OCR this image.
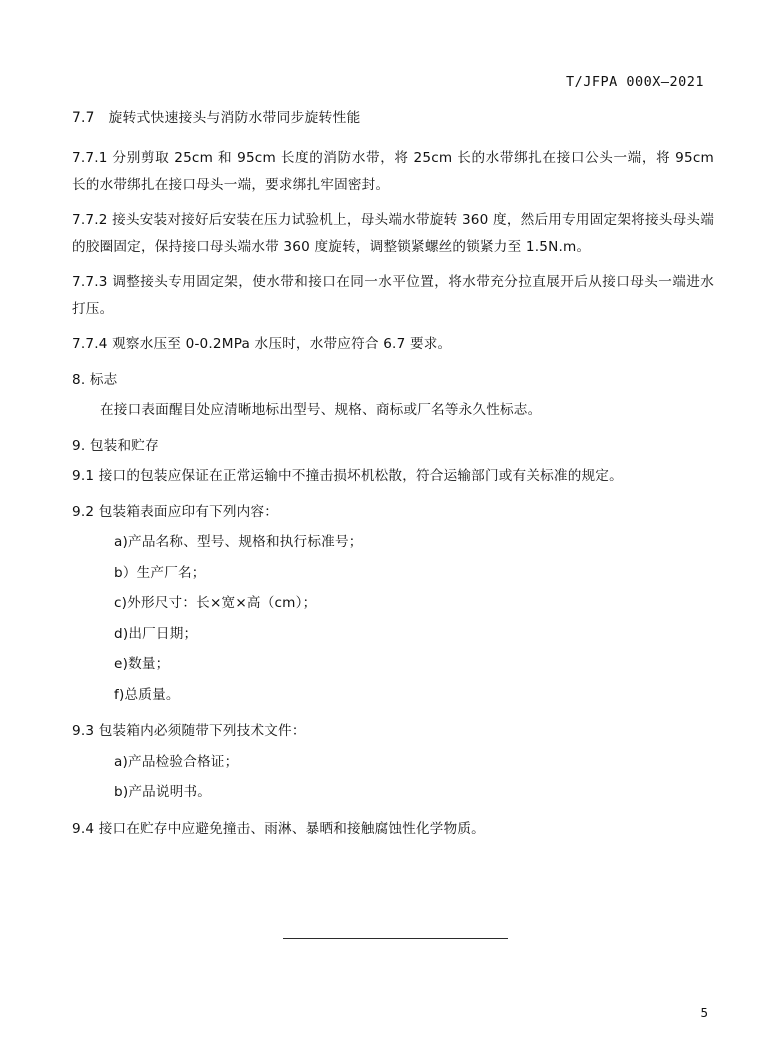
T/JFPA 000X—2021

7.7 旋转式快速接头与消防水带同步旋转性能

7.7.1 分别剪取 25cm 和 95cm 长度的消防水带，将 25cm 长的水带绑扎在接口公头一端，将 95cm 长的水带绑扎在接口母头一端，要求绑扎牢固密封。

7.7.2 接头安装对接好后安装在压力试验机上，母头端水带旋转 360 度，然后用专用固定架将接头母头端的胶圈固定，保持接口母头端水带 360 度旋转，调整锁紧螺丝的锁紧力至 1.5N.m。

7.7.3 调整接头专用固定架，使水带和接口在同一水平位置，将水带充分拉直展开后从接口母头一端进水打压。

7.7.4 观察水压至 0-0.2MPa 水压时，水带应符合 6.7 要求。

8. 标志

在接口表面醒目处应清晰地标出型号、规格、商标或厂名等永久性标志。

9. 包装和贮存

9.1 接口的包装应保证在正常运输中不撞击损坏机松散，符合运输部门或有关标准的规定。

9.2 包装箱表面应印有下列内容：

a)产品名称、型号、规格和执行标准号；

b）生产厂名；

c)外形尺寸：长×宽×高（cm）；

d)出厂日期；

e)数量；

f)总质量。

9.3 包装箱内必须随带下列技术文件：

a)产品检验合格证；

b)产品说明书。

9.4 接口在贮存中应避免撞击、雨淋、暴晒和接触腐蚀性化学物质。

5
